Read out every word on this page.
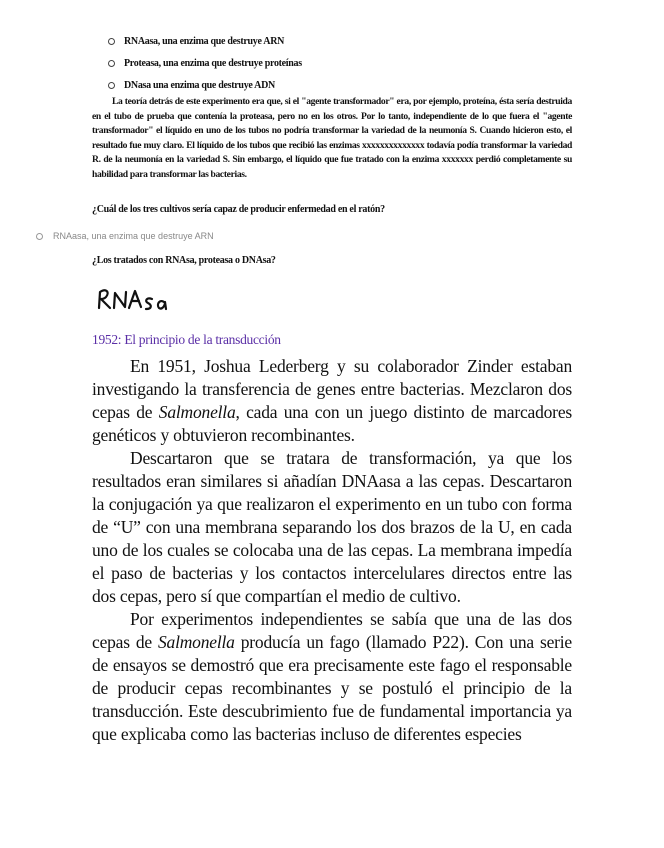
RNAasa, una enzima que destruye ARN
Proteasa, una enzima que destruye proteínas
DNasa una enzima que destruye ADN

La teoría detrás de este experimento era que, si el "agente transformador" era, por ejemplo, proteína, ésta sería destruida en el tubo de prueba que contenía la proteasa, pero no en los otros. Por lo tanto, independiente de lo que fuera el "agente transformador" el líquido en uno de los tubos no podría transformar la variedad de la neumonía S. Cuando hicieron esto, el resultado fue muy claro. El líquido de los tubos que recibió las enzimas xxxxxxxxxxxxxx todavía podía transformar la variedad R. de la neumonía en la variedad S. Sin embargo, el líquido que fue tratado con la enzima xxxxxxx perdió completamente su habilidad para transformar las bacterias.

¿Cuál de los tres cultivos sería capaz de producir enfermedad en el ratón?

RNAasa, una enzima que destruye ARN

¿Los tratados con RNAsa, proteasa o DNAsa?

1952: El principio de la transducción

En 1951, Joshua Lederberg y su colaborador Zinder estaban investigando la transferencia de genes entre bacterias. Mezclaron dos cepas de Salmonella, cada una con un juego distinto de marcadores genéticos y obtuvieron recombinantes.

Descartaron que se tratara de transformación, ya que los resultados eran similares si añadían DNAasa a las cepas. Descartaron la conjugación ya que realizaron el experimento en un tubo con forma de “U” con una membrana separando los dos brazos de la U, en cada uno de los cuales se colocaba una de las cepas. La membrana impedía el paso de bacterias y los contactos intercelulares directos entre las dos cepas, pero sí que compartían el medio de cultivo.

Por experimentos independientes se sabía que una de las dos cepas de Salmonella producía un fago (llamado P22). Con una serie de ensayos se demostró que era precisamente este fago el responsable de producir cepas recombinantes y se postuló el principio de la transducción. Este descubrimiento fue de fundamental importancia ya que explicaba como las bacterias incluso de diferentes especies
